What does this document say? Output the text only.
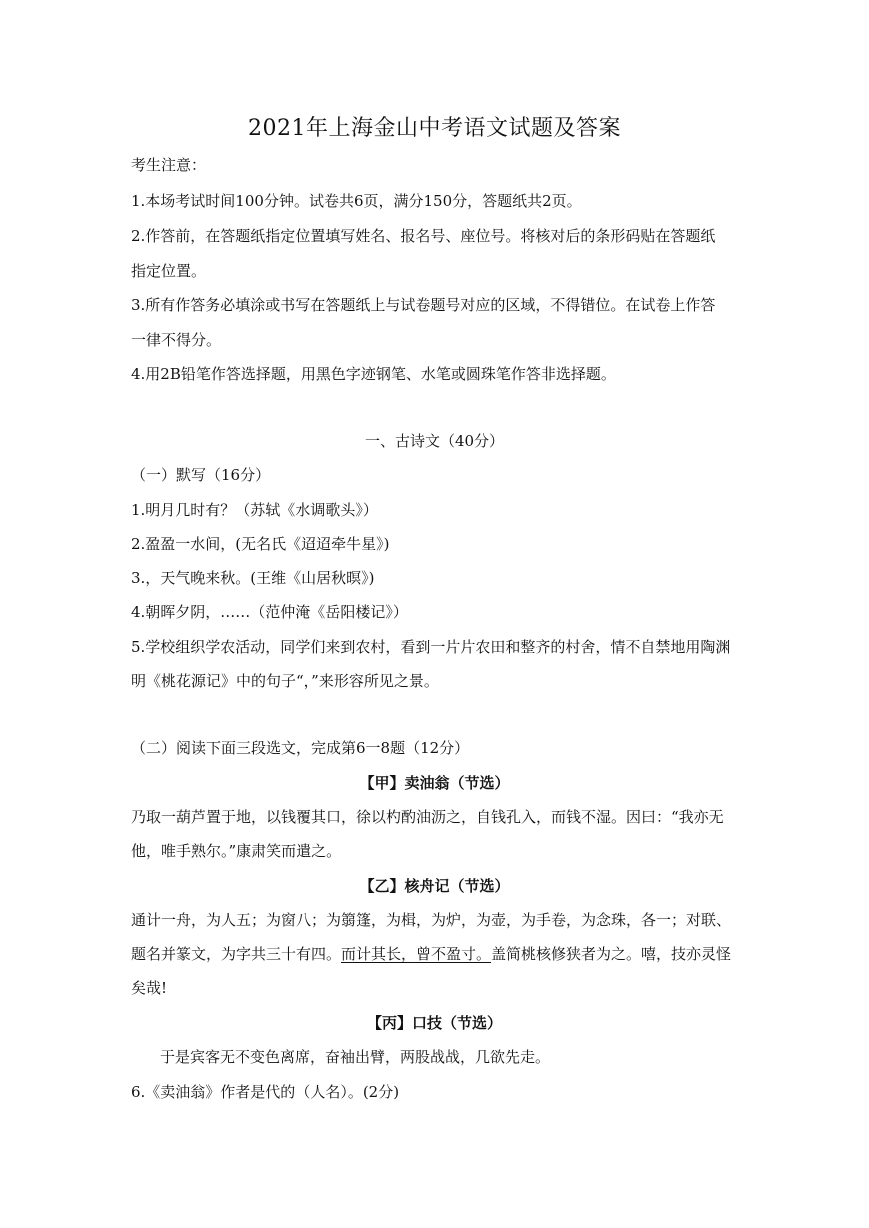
2021年上海金山中考语文试题及答案
考生注意：
1.本场考试时间100分钟。试卷共6页，满分150分，答题纸共2页。
2.作答前，在答题纸指定位置填写姓名、报名号、座位号。将核对后的条形码贴在答题纸
指定位置。
3.所有作答务必填涂或书写在答题纸上与试卷题号对应的区域，不得错位。在试卷上作答
一律不得分。
4.用2B铅笔作答选择题，用黑色字迹钢笔、水笔或圆珠笔作答非选择题。
一、古诗文（40分）
（一）默写（16分）
1.明月几时有？（苏轼《水调歌头》）
2.盈盈一水间，(无名氏《迢迢牵牛星》)
3.，天气晚来秋。(王维《山居秋暝》)
4.朝晖夕阴，……（范仲淹《岳阳楼记》）
5.学校组织学农活动，同学们来到农村，看到一片片农田和整齐的村舍，情不自禁地用陶渊
明《桃花源记》中的句子“，”来形容所见之景。
（二）阅读下面三段选文，完成第6一8题（12分）
【甲】卖油翁（节选）
乃取一葫芦置于地，以钱覆其口，徐以杓酌油沥之，自钱孔入，而钱不湿。因曰：“我亦无
他，唯手熟尔。”康肃笑而遣之。
【乙】核舟记（节选）
通计一舟，为人五；为窗八；为篛篷，为楫，为炉，为壶，为手卷，为念珠，各一；对联、
题名并篆文，为字共三十有四。而计其长，曾不盈寸。盖简桃核修狭者为之。嘻，技亦灵怪
矣哉!
【丙】口技（节选）
于是宾客无不变色离席，奋袖出臂，两股战战，几欲先走。
6.《卖油翁》作者是代的（人名）。(2分)
